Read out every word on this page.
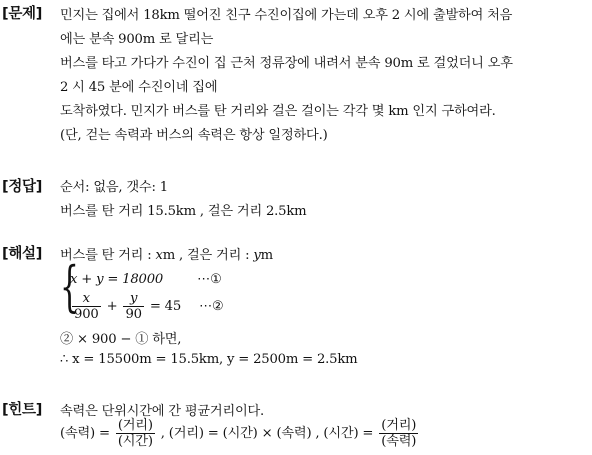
[문제] 민지는 집에서 18km 떨어진 친구 수진이집에 가는데 오후 2 시에 출발하여 처음
에는 분속 900m 로 달리는
버스를 타고 가다가 수진이 집 근처 정류장에 내려서 분속 90m 로 걸었더니 오후
2 시 45 분에 수진이네 집에
도착하였다. 민지가 버스를 탄 거리와 걸은 걸이는 각각 몇 km 인지 구하여라.
(단, 걷는 속력과 버스의 속력은 항상 일정하다.)
[정답] 순서: 없음, 갯수: 1
버스를 탄 거리 15.5km , 걸은 거리 2.5km
[해설] 버스를 탄 거리 : xm , 걸은 거리 : ym
{
x + y = 18000	⋯①
$\frac{x}{900} + \frac{y}{90} = 45$ ⋯②
② × 900 − ① 하면,
∴ x = 15500m = 15.5km, y = 2500m = 2.5km
[힌트] 속력은 단위시간에 간 평균거리이다.
(속력) = $\frac{\text{(거리)}}{\text{(시간)}}$ , (거리) = (시간) × (속력) , (시간) = $\frac{\text{(거리)}}{\text{(속력)}}$
